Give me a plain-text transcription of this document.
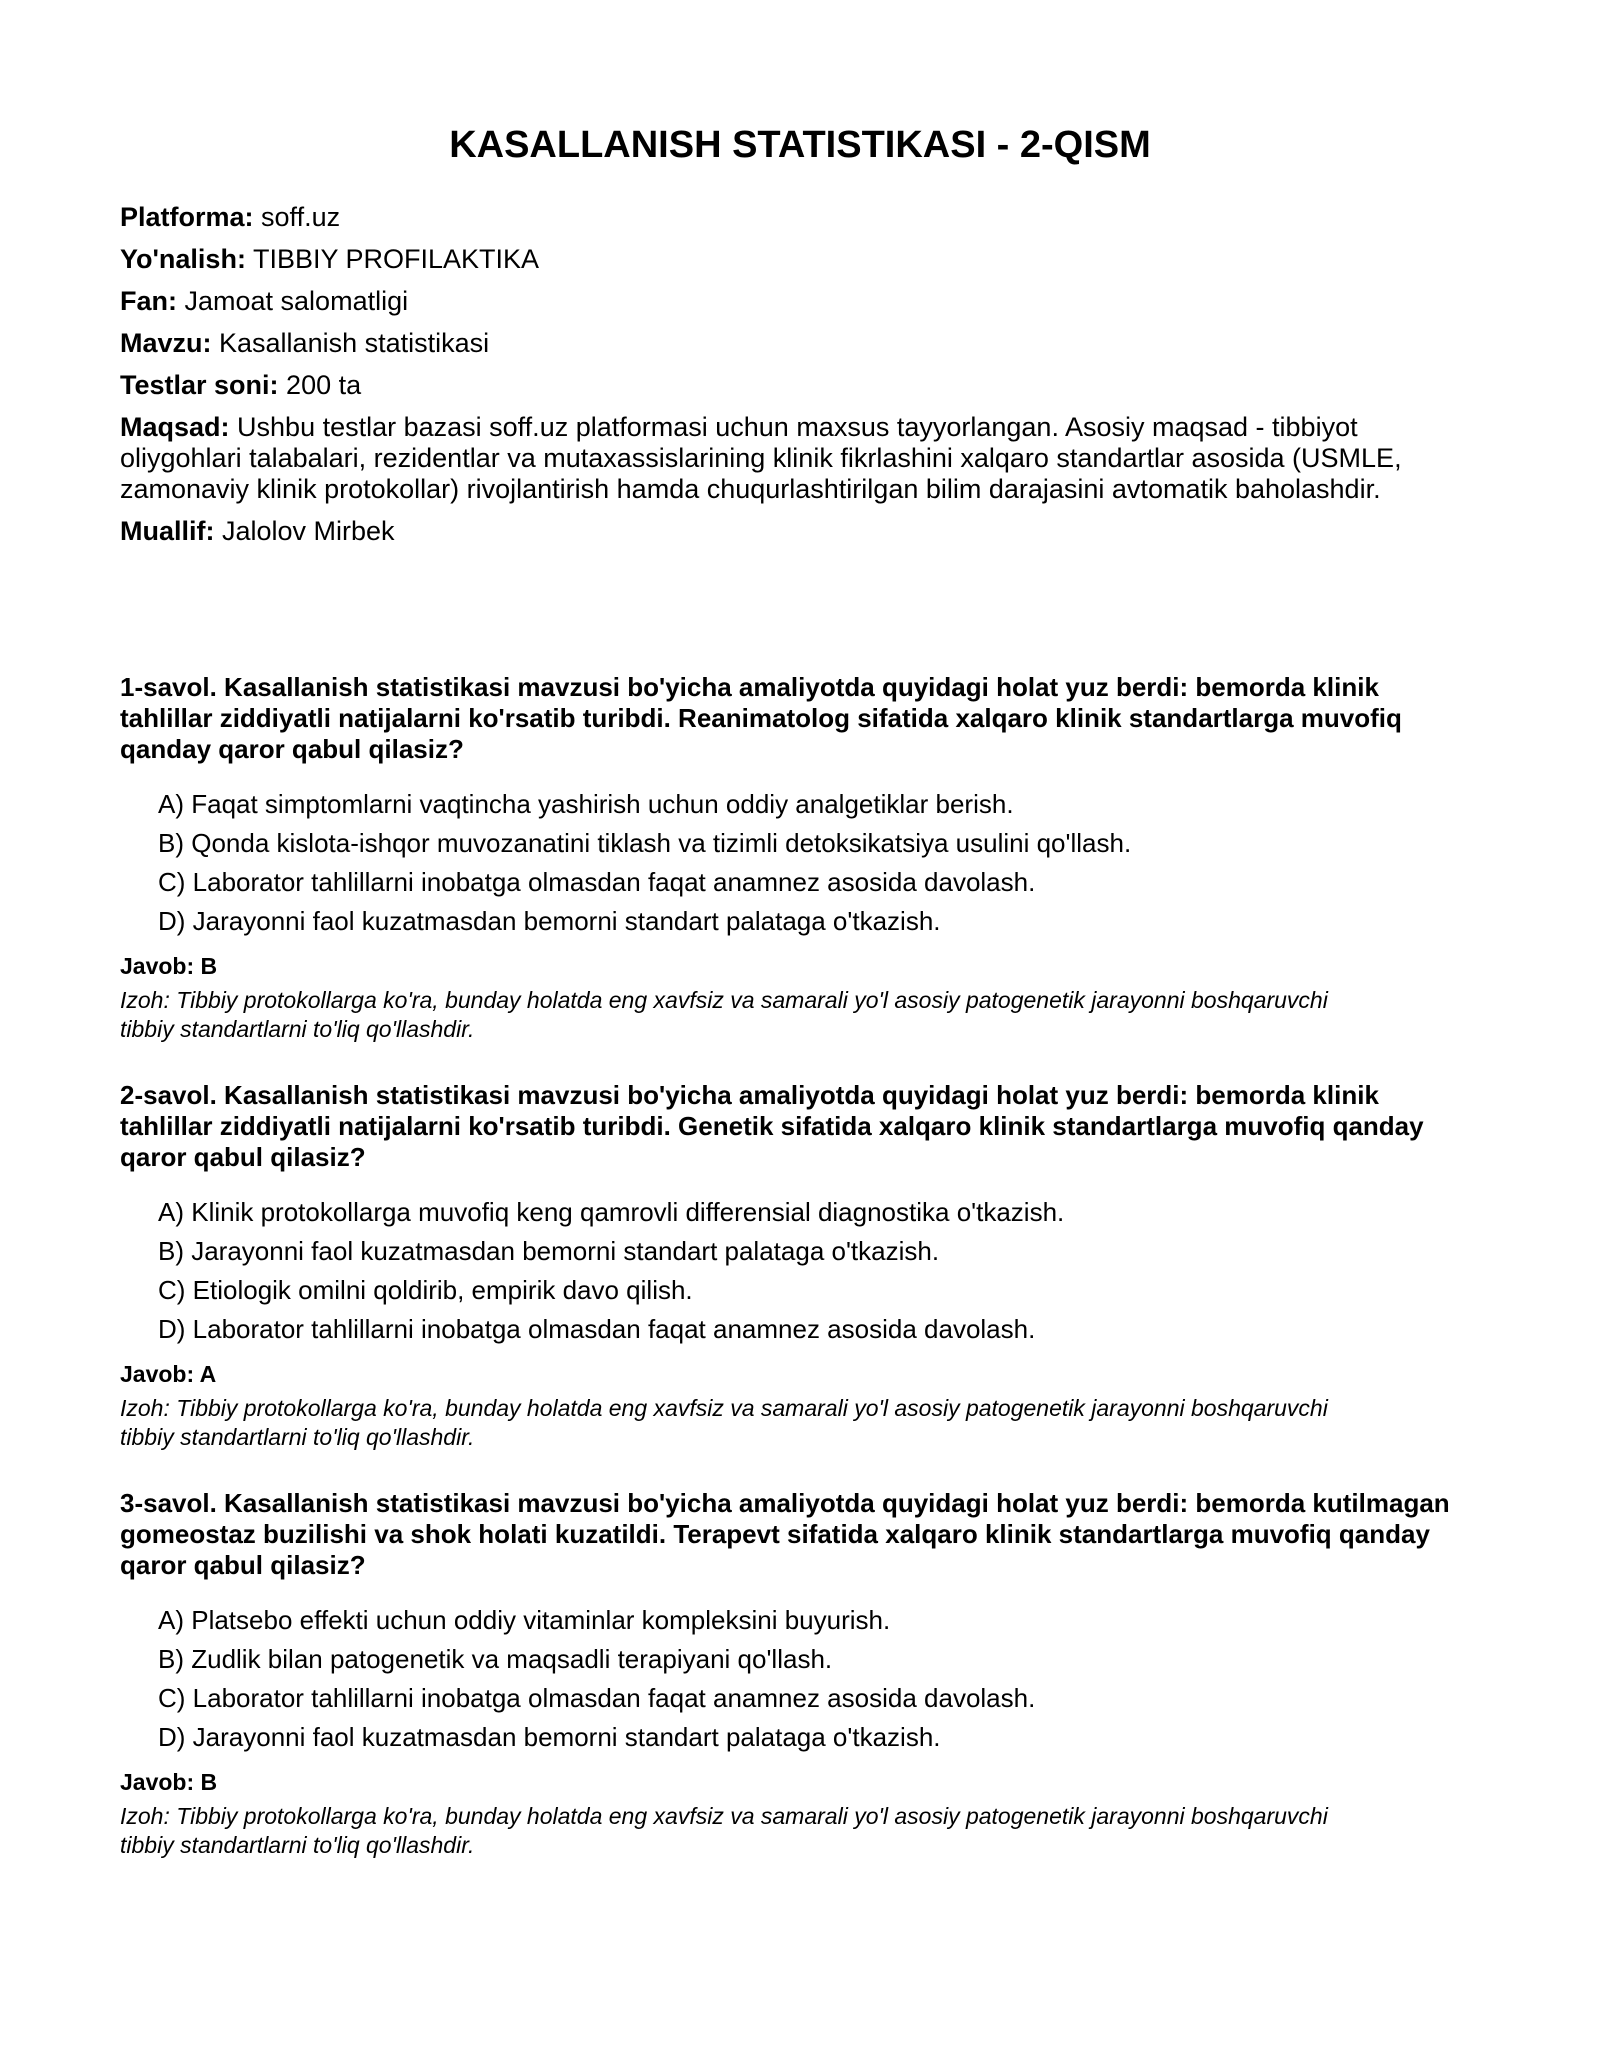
KASALLANISH STATISTIKASI - 2-QISM

Platforma: soff.uz

Yo'nalish: TIBBIY PROFILAKTIKA

Fan: Jamoat salomatligi

Mavzu: Kasallanish statistikasi

Testlar soni: 200 ta

Maqsad: Ushbu testlar bazasi soff.uz platformasi uchun maxsus tayyorlangan. Asosiy maqsad - tibbiyot oliygohlari talabalari, rezidentlar va mutaxassislarining klinik fikrlashini xalqaro standartlar asosida (USMLE, zamonaviy klinik protokollar) rivojlantirish hamda chuqurlashtirilgan bilim darajasini avtomatik baholashdir.

Muallif: Jalolov Mirbek

1-savol. Kasallanish statistikasi mavzusi bo'yicha amaliyotda quyidagi holat yuz berdi: bemorda klinik tahlillar ziddiyatli natijalarni ko'rsatib turibdi. Reanimatolog sifatida xalqaro klinik standartlarga muvofiq qanday qaror qabul qilasiz?

A) Faqat simptomlarni vaqtincha yashirish uchun oddiy analgetiklar berish.
B) Qonda kislota-ishqor muvozanatini tiklash va tizimli detoksikatsiya usulini qo'llash.
C) Laborator tahlillarni inobatga olmasdan faqat anamnez asosida davolash.
D) Jarayonni faol kuzatmasdan bemorni standart palataga o'tkazish.

Javob: B

Izoh: Tibbiy protokollarga ko'ra, bunday holatda eng xavfsiz va samarali yo'l asosiy patogenetik jarayonni boshqaruvchi tibbiy standartlarni to'liq qo'llashdir.

2-savol. Kasallanish statistikasi mavzusi bo'yicha amaliyotda quyidagi holat yuz berdi: bemorda klinik tahlillar ziddiyatli natijalarni ko'rsatib turibdi. Genetik sifatida xalqaro klinik standartlarga muvofiq qanday qaror qabul qilasiz?

A) Klinik protokollarga muvofiq keng qamrovli differensial diagnostika o'tkazish.
B) Jarayonni faol kuzatmasdan bemorni standart palataga o'tkazish.
C) Etiologik omilni qoldirib, empirik davo qilish.
D) Laborator tahlillarni inobatga olmasdan faqat anamnez asosida davolash.

Javob: A

Izoh: Tibbiy protokollarga ko'ra, bunday holatda eng xavfsiz va samarali yo'l asosiy patogenetik jarayonni boshqaruvchi tibbiy standartlarni to'liq qo'llashdir.

3-savol. Kasallanish statistikasi mavzusi bo'yicha amaliyotda quyidagi holat yuz berdi: bemorda kutilmagan gomeostaz buzilishi va shok holati kuzatildi. Terapevt sifatida xalqaro klinik standartlarga muvofiq qanday qaror qabul qilasiz?

A) Platsebo effekti uchun oddiy vitaminlar kompleksini buyurish.
B) Zudlik bilan patogenetik va maqsadli terapiyani qo'llash.
C) Laborator tahlillarni inobatga olmasdan faqat anamnez asosida davolash.
D) Jarayonni faol kuzatmasdan bemorni standart palataga o'tkazish.

Javob: B

Izoh: Tibbiy protokollarga ko'ra, bunday holatda eng xavfsiz va samarali yo'l asosiy patogenetik jarayonni boshqaruvchi tibbiy standartlarni to'liq qo'llashdir.
